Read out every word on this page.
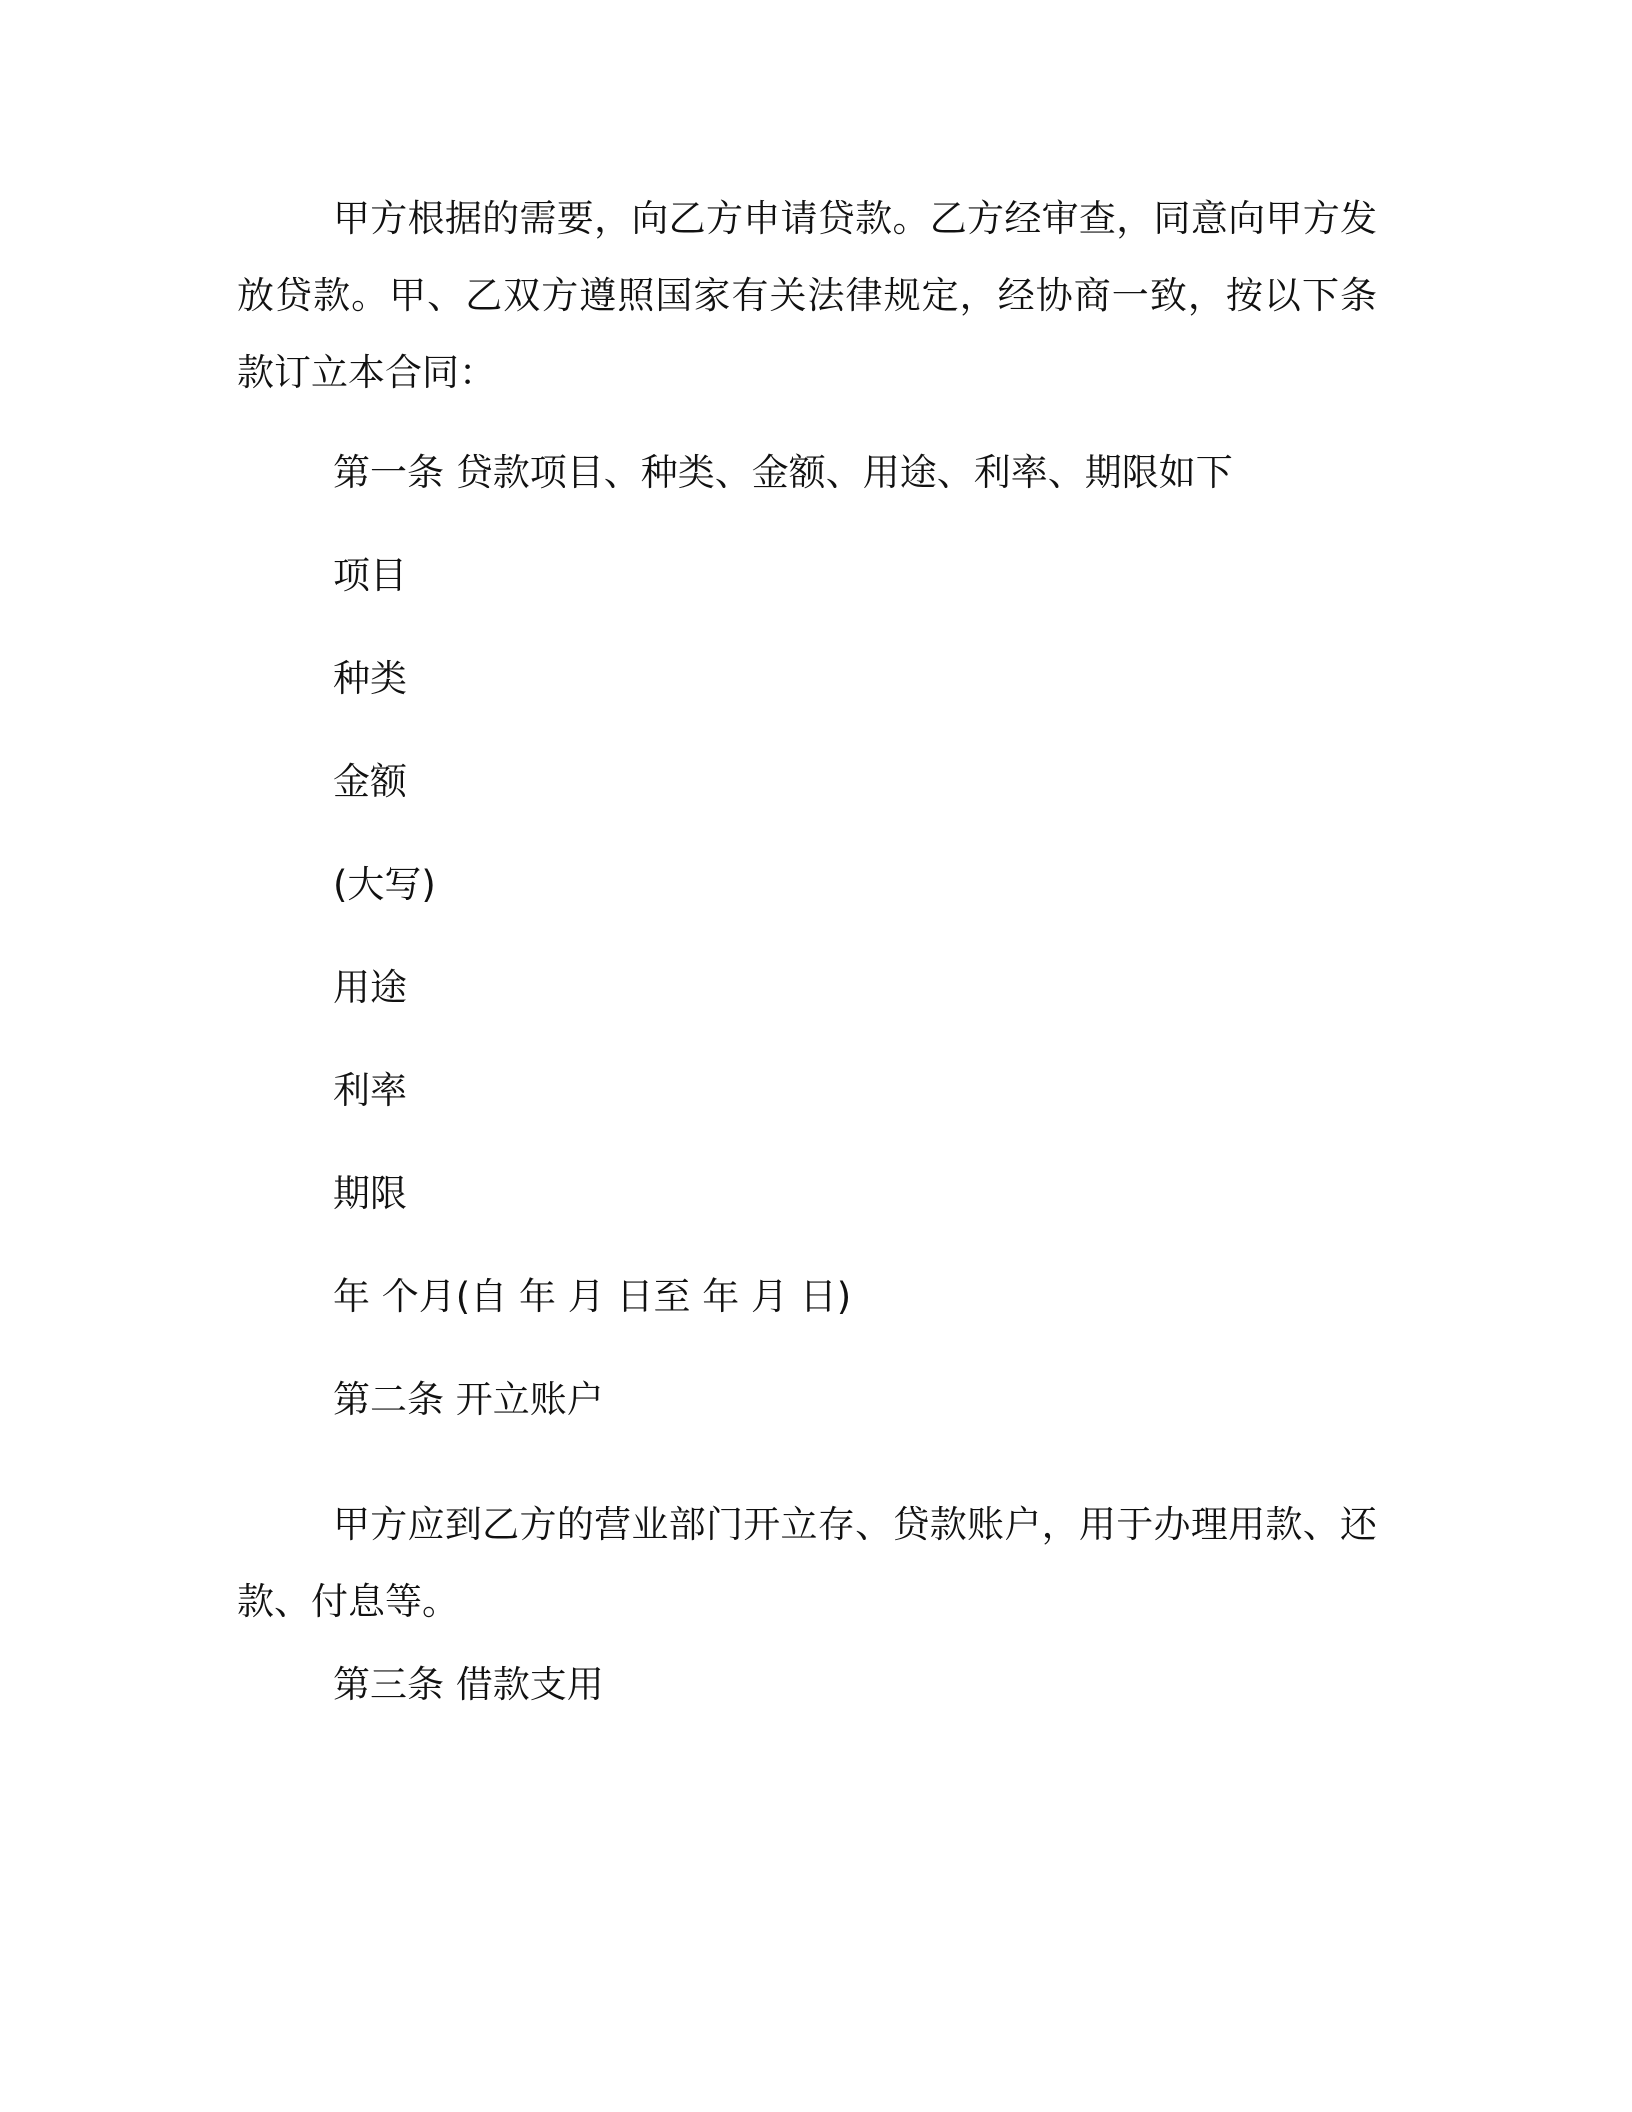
甲方根据的需要，向乙方申请贷款。乙方经审查，同意向甲方发放贷款。甲、乙双方遵照国家有关法律规定，经协商一致，按以下条款订立本合同：

第一条 贷款项目、种类、金额、用途、利率、期限如下

项目

种类

金额

(大写)

用途

利率

期限

年 个月(自 年 月 日至 年 月 日)

第二条 开立账户

甲方应到乙方的营业部门开立存、贷款账户，用于办理用款、还款、付息等。

第三条 借款支用
